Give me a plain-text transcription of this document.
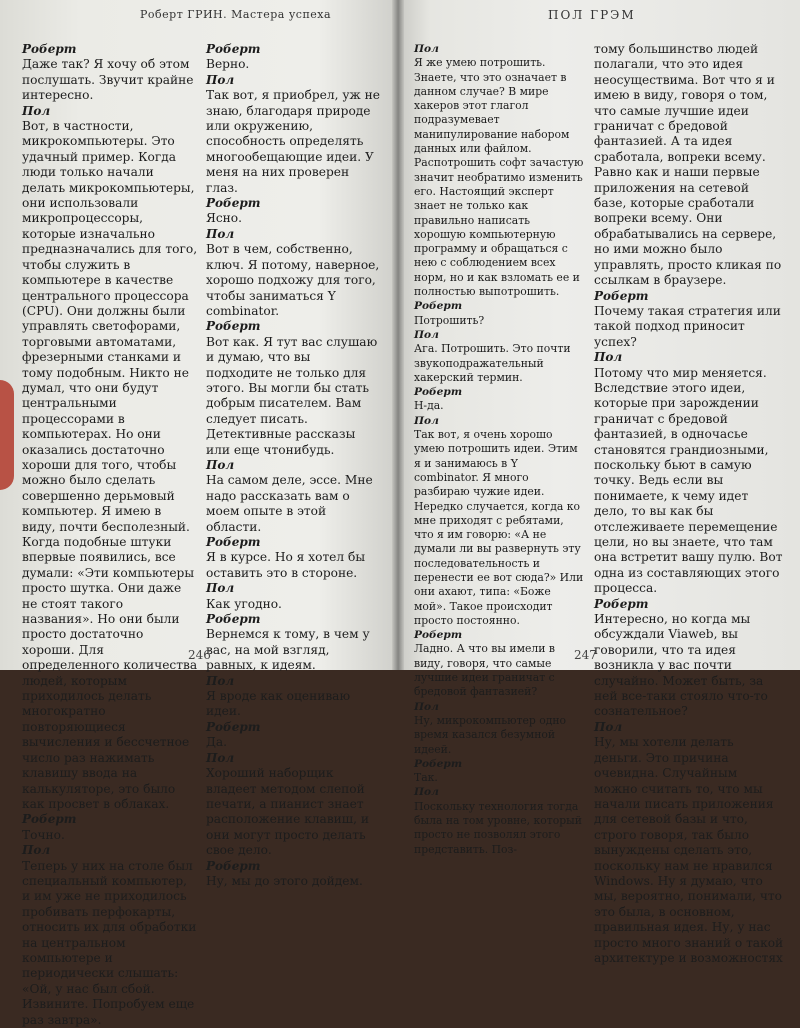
Роберт ГРИН. Мастера успеха
Роберт

Даже так? Я хочу об этом послушать. Звучит крайне интересно.

Пол

Вот, в частности, микрокомпьютеры. Это удачный пример. Когда люди только начали делать микрокомпьютеры, они использовали микропроцессоры, которые изначально предназначались для того, чтобы служить в компьютере в качестве центрального процессора (CPU). Они должны были управлять светофорами, торговыми автоматами, фрезерными станками и тому подобным. Никто не думал, что они будут центральными процессорами в компьютерах. Но они оказались достаточно хороши для того, чтобы можно было сделать совершенно дерьмовый компьютер. Я имею в виду, почти бесполезный. Когда подобные штуки впервые появились, все думали: «Эти компьютеры просто шутка. Они даже не стоят такого названия». Но они были просто достаточно хороши. Для определенного количества людей, которым приходилось делать многократно повторяющиеся вычисления и бессчетное число раз нажимать клавишу ввода на калькуляторе, это было как просвет в облаках.

Роберт

Точно.

Пол

Теперь у них на столе был специальный компьютер, и им уже не приходилось пробивать перфокарты, относить их для обработки на центральном компьютере и периодически слышать: «Ой, у нас был сбой. Извините. Попробуем еще раз завтра».

Роберт

Верно.

Пол

Так вот, я приобрел, уж не знаю, благодаря природе или окружению, способность определять многообещающие идеи. У меня на них проверен глаз.

Роберт

Ясно.

Пол

Вот в чем, собственно, ключ. Я потому, наверное, хорошо подхожу для того, чтобы заниматься Y combinator.

Роберт

Вот как. Я тут вас слушаю и думаю, что вы подходите не только для этого. Вы могли бы стать добрым писателем. Вам следует писать. Детективные рассказы или еще чтонибудь.

Пол

На самом деле, эссе. Мне надо рассказать вам о моем опыте в этой области.

Роберт

Я в курсе. Но я хотел бы оставить это в стороне.

Пол

Как угодно.

Роберт

Вернемся к тому, в чем у вас, на мой взгляд, равных, к идеям.

Пол

Я вроде как оцениваю идеи.

Роберт

Да.

Пол

Хороший наборщик владеет методом слепой печати, а пианист знает расположение клавиш, и они могут просто делать свое дело.

Роберт

Ну, мы до этого дойдем.

246
ПОЛ ГРЭМ
Пол

Я же умею потрошить. Знаете, что это означает в данном случае? В мире хакеров этот глагол подразумевает манипулирование набором данных или файлом. Распотрошить софт зачастую значит необратимо изменить его. Настоящий эксперт знает не только как правильно написать хорошую компьютерную программу и обращаться с нею с соблюдением всех норм, но и как взломать ее и полностью выпотрошить.

Роберт

Потрошить?

Пол

Ага. Потрошить. Это почти звукоподражательный хакерский термин.

Роберт

Н-да.

Пол

Так вот, я очень хорошо умею потрошить идеи. Этим я и занимаюсь в Y combinator. Я много разбираю чужие идеи. Нередко случается, когда ко мне приходят с ребятами, что я им говорю: «А не думали ли вы развернуть эту последовательность и перенести ее вот сюда?» Или они ахают, типа: «Боже мой». Такое происходит просто постоянно.

Роберт

Ладно. А что вы имели в виду, говоря, что самые лучшие идеи граничат с бредовой фантазией?

Пол

Ну, микрокомпьютер одно время казался безумной идеей.

Роберт

Так.

Пол

Поскольку технология тогда была на том уровне, который просто не позволял этого представить. Поз-

тому большинство людей полагали, что это идея неосуществима. Вот что я и имею в виду, говоря о том, что самые лучшие идеи граничат с бредовой фантазией. А та идея сработала, вопреки всему. Равно как и наши первые приложения на сетевой базе, которые сработали вопреки всему. Они обрабатывались на сервере, но ими можно было управлять, просто кликая по ссылкам в браузере.

Роберт

Почему такая стратегия или такой подход приносит успех?

Пол

Потому что мир меняется. Вследствие этого идеи, которые при зарождении граничат с бредовой фантазией, в одночасье становятся грандиозными, поскольку бьют в самую точку. Ведь если вы понимаете, к чему идет дело, то вы как бы отслеживаете перемещение цели, но вы знаете, что там она встретит вашу пулю. Вот одна из составляющих этого процесса.

Роберт

Интересно, но когда мы обсуждали Viaweb, вы говорили, что та идея возникла у вас почти случайно. Может быть, за ней все-таки стояло что-то сознательное?

Пол

Ну, мы хотели делать деньги. Это причина очевидна. Случайным можно считать то, что мы начали писать приложения для сетевой базы и что, строго говоря, так было вынуждены сделать это, поскольку нам не нравился Windows. Ну я думаю, что мы, вероятно, понимали, что это была, в основном, правильная идея. Ну, у нас просто много знаний о такой архитектуре и возможностях

247
